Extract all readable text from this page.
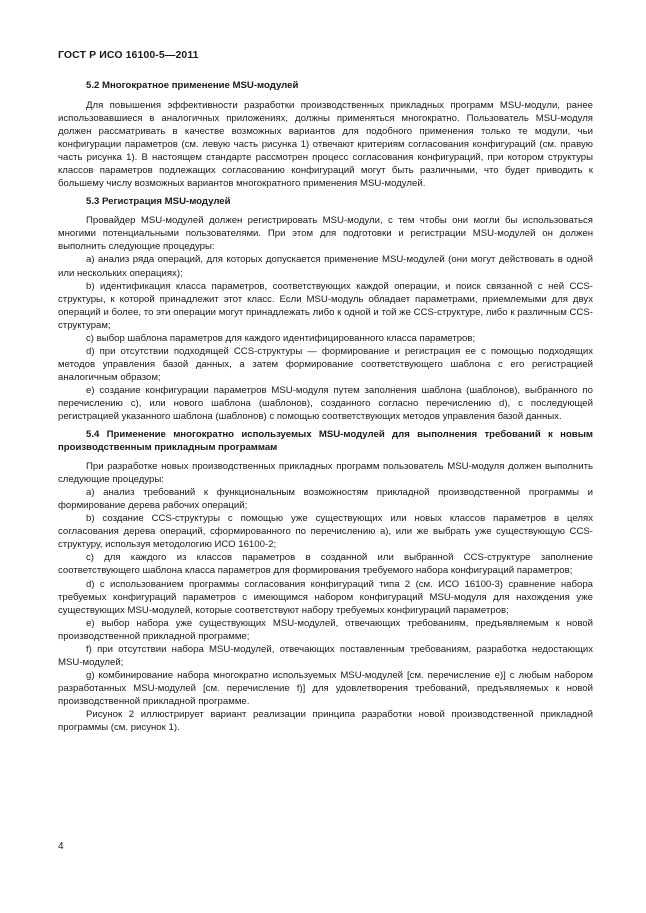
ГОСТ Р ИСО 16100-5—2011
5.2 Многократное применение MSU-модулей

Для повышения эффективности разработки производственных прикладных программ MSU-модули, ранее использовавшиеся в аналогичных приложениях, должны применяться многократно. Пользователь MSU-модуля должен рассматривать в качестве возможных вариантов для подобного применения только те модули, чьи конфигурации параметров (см. левую часть рисунка 1) отвечают критериям согласования конфигураций (см. правую часть рисунка 1). В настоящем стандарте рассмотрен процесс согласования конфигураций, при котором структуры классов параметров подлежащих согласованию конфигураций могут быть различными, что будет приводить к большему числу возможных вариантов многократного применения MSU-модулей.

5.3 Регистрация MSU-модулей

Провайдер MSU-модулей должен регистрировать MSU-модули, с тем чтобы они могли бы использоваться многими потенциальными пользователями. При этом для подготовки и регистрации MSU-модулей он должен выполнить следующие процедуры:

a) анализ ряда операций, для которых допускается применение MSU-модулей (они могут действовать в одной или нескольких операциях);

b) идентификация класса параметров, соответствующих каждой операции, и поиск связанной с ней CCS-структуры, к которой принадлежит этот класс. Если MSU-модуль обладает параметрами, приемлемыми для двух операций и более, то эти операции могут принадлежать либо к одной и той же CCS-структуре, либо к различным CCS-структурам;

c) выбор шаблона параметров для каждого идентифицированного класса параметров;

d) при отсутствии подходящей CCS-структуры — формирование и регистрация ее с помощью подходящих методов управления базой данных, а затем формирование соответствующего шаблона с его регистрацией аналогичным образом;

e) создание конфигурации параметров MSU-модуля путем заполнения шаблона (шаблонов), выбранного по перечислению c), или нового шаблона (шаблонов), созданного согласно перечислению d), с последующей регистрацией указанного шаблона (шаблонов) с помощью соответствующих методов управления базой данных.

5.4 Применение многократно используемых MSU-модулей для выполнения требований к новым производственным прикладным программам

При разработке новых производственных прикладных программ пользователь MSU-модуля должен выполнить следующие процедуры:

a) анализ требований к функциональным возможностям прикладной производственной программы и формирование дерева рабочих операций;

b) создание CCS-структуры с помощью уже существующих или новых классов параметров в целях согласования дерева операций, сформированного по перечислению a), или же выбрать уже существующую CCS-структуру, используя методологию ИСО 16100-2;

c) для каждого из классов параметров в созданной или выбранной CCS-структуре заполнение соответствующего шаблона класса параметров для формирования требуемого набора конфигураций параметров;

d) с использованием программы согласования конфигураций типа 2 (см. ИСО 16100-3) сравнение набора требуемых конфигураций параметров с имеющимся набором конфигураций MSU-модуля для нахождения уже существующих MSU-модулей, которые соответствуют набору требуемых конфигураций параметров;

e) выбор набора уже существующих MSU-модулей, отвечающих требованиям, предъявляемым к новой производственной прикладной программе;

f) при отсутствии набора MSU-модулей, отвечающих поставленным требованиям, разработка недостающих MSU-модулей;

g) комбинирование набора многократно используемых MSU-модулей [см. перечисление e)] с любым набором разработанных MSU-модулей [см. перечисление f)] для удовлетворения требований, предъявляемых к новой производственной прикладной программе.

Рисунок 2 иллюстрирует вариант реализации принципа разработки новой производственной прикладной программы (см. рисунок 1).

4
